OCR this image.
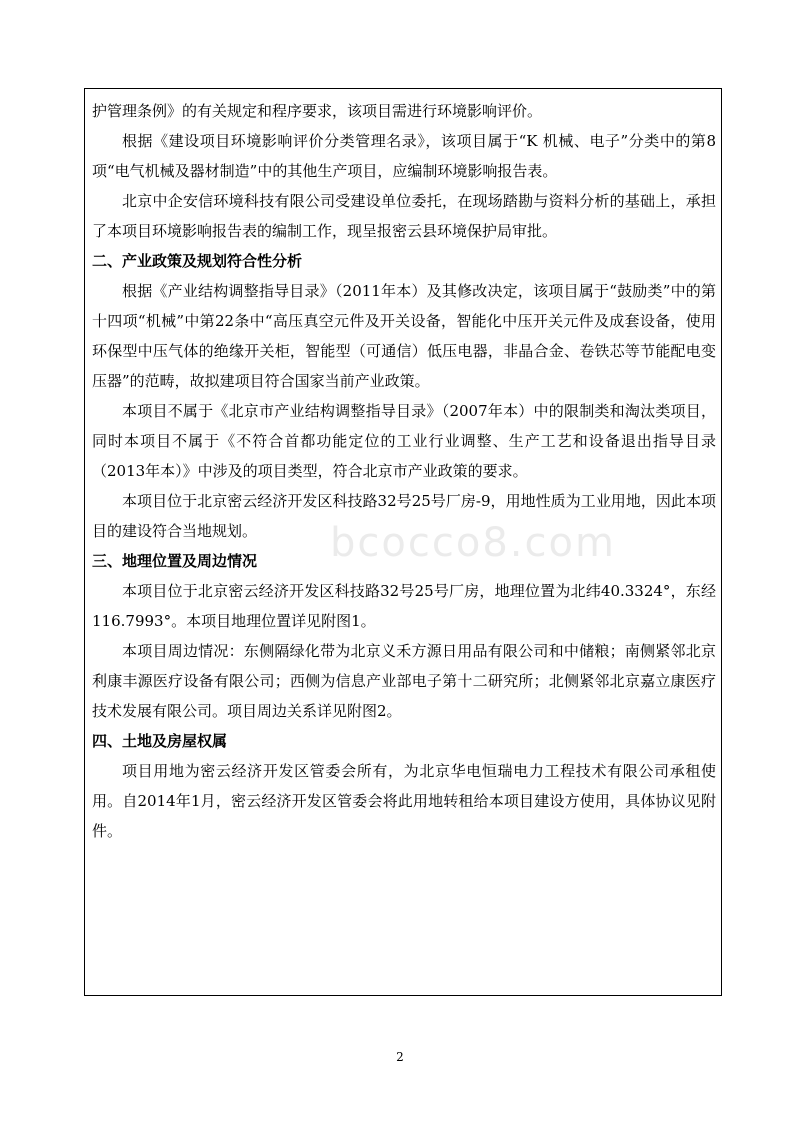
护管理条例》的有关规定和程序要求，该项目需进行环境影响评价。

根据《建设项目环境影响评价分类管理名录》，该项目属于“K 机械、电子”分类中的第8项“电气机械及器材制造”中的其他生产项目，应编制环境影响报告表。

北京中企安信环境科技有限公司受建设单位委托，在现场踏勘与资料分析的基础上，承担了本项目环境影响报告表的编制工作，现呈报密云县环境保护局审批。

二、产业政策及规划符合性分析

根据《产业结构调整指导目录》（2011年本）及其修改决定，该项目属于“鼓励类”中的第十四项“机械”中第22条中“高压真空元件及开关设备，智能化中压开关元件及成套设备，使用环保型中压气体的绝缘开关柜，智能型（可通信）低压电器，非晶合金、卷铁芯等节能配电变压器”的范畴，故拟建项目符合国家当前产业政策。

本项目不属于《北京市产业结构调整指导目录》（2007年本）中的限制类和淘汰类项目，同时本项目不属于《不符合首都功能定位的工业行业调整、生产工艺和设备退出指导目录（2013年本）》中涉及的项目类型，符合北京市产业政策的要求。

本项目位于北京密云经济开发区科技路32号25号厂房-9，用地性质为工业用地，因此本项目的建设符合当地规划。

三、地理位置及周边情况

本项目位于北京密云经济开发区科技路32号25号厂房，地理位置为北纬40.3324°，东经116.7993°。本项目地理位置详见附图1。

本项目周边情况：东侧隔绿化带为北京义禾方源日用品有限公司和中储粮；南侧紧邻北京利康丰源医疗设备有限公司；西侧为信息产业部电子第十二研究所；北侧紧邻北京嘉立康医疗技术发展有限公司。项目周边关系详见附图2。

四、土地及房屋权属

项目用地为密云经济开发区管委会所有，为北京华电恒瑞电力工程技术有限公司承租使用。自2014年1月，密云经济开发区管委会将此用地转租给本项目建设方使用，具体协议见附件。

bcocco8.com
2
